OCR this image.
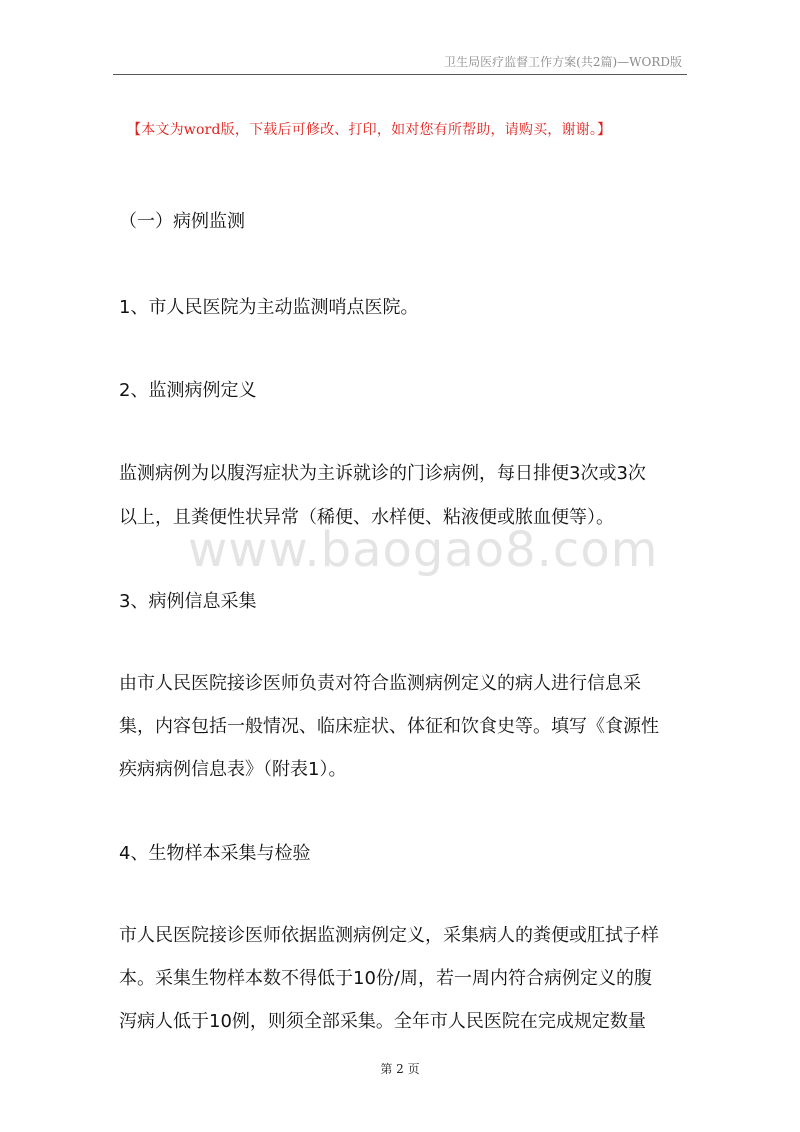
卫生局医疗监督工作方案(共2篇)—WORD版
【本文为word版，下载后可修改、打印，如对您有所帮助，请购买，谢谢。】
（一）病例监测
1、市人民医院为主动监测哨点医院。
2、监测病例定义
监测病例为以腹泻症状为主诉就诊的门诊病例，每日排便3次或3次
以上，且粪便性状异常（稀便、水样便、粘液便或脓血便等）。
www.baogao8.com
3、病例信息采集
由市人民医院接诊医师负责对符合监测病例定义的病人进行信息采
集，内容包括一般情况、临床症状、体征和饮食史等。填写《食源性
疾病病例信息表》（附表1）。
4、生物样本采集与检验
市人民医院接诊医师依据监测病例定义，采集病人的粪便或肛拭子样
本。采集生物样本数不得低于10份/周，若一周内符合病例定义的腹
泻病人低于10例，则须全部采集。全年市人民医院在完成规定数量
第 2 页
